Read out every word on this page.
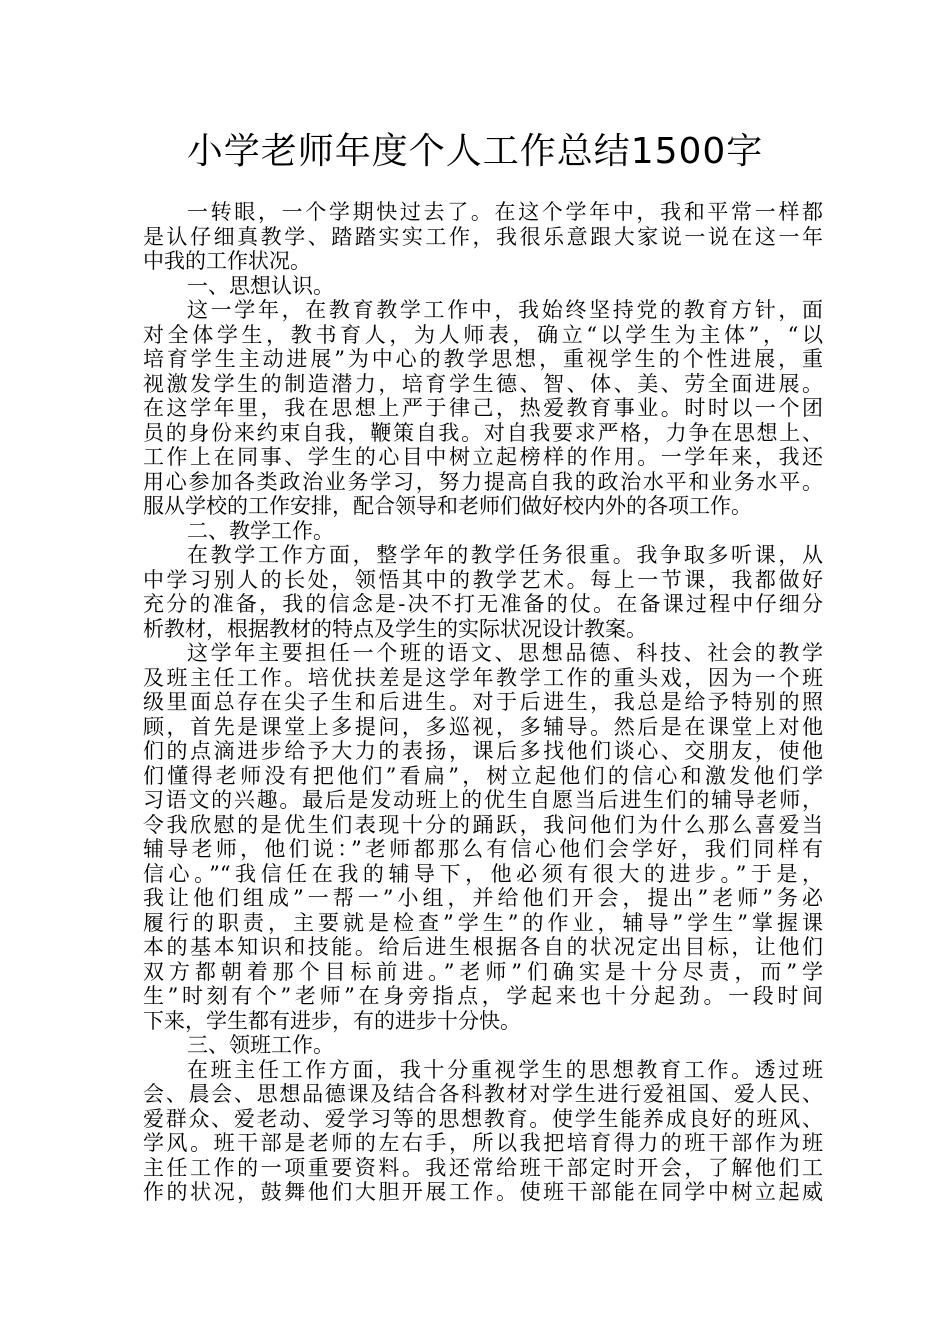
小学老师年度个人工作总结1500字
一转眼，一个学期快过去了。在这个学年中，我和平常一样都
是认仔细真教学、踏踏实实工作，我很乐意跟大家说一说在这一年
中我的工作状况。
一、思想认识。
这一学年，在教育教学工作中，我始终坚持党的教育方针，面
对全体学生，教书育人，为人师表，确立“以学生为主体”，“以
培育学生主动进展”为中心的教学思想，重视学生的个性进展，重
视激发学生的制造潜力，培育学生德、智、体、美、劳全面进展。
在这学年里，我在思想上严于律己，热爱教育事业。时时以一个团
员的身份来约束自我，鞭策自我。对自我要求严格，力争在思想上、
工作上在同事、学生的心目中树立起榜样的作用。一学年来，我还
用心参加各类政治业务学习，努力提高自我的政治水平和业务水平。
服从学校的工作安排，配合领导和老师们做好校内外的各项工作。
二、教学工作。
在教学工作方面，整学年的教学任务很重。我争取多听课，从
中学习别人的长处，领悟其中的教学艺术。每上一节课，我都做好
充分的准备，我的信念是-决不打无准备的仗。在备课过程中仔细分
析教材，根据教材的特点及学生的实际状况设计教案。
这学年主要担任一个班的语文、思想品德、科技、社会的教学
及班主任工作。培优扶差是这学年教学工作的重头戏，因为一个班
级里面总存在尖子生和后进生。对于后进生，我总是给予特别的照
顾，首先是课堂上多提问，多巡视，多辅导。然后是在课堂上对他
们的点滴进步给予大力的表扬，课后多找他们谈心、交朋友，使他
们懂得老师没有把他们”看扁”，树立起他们的信心和激发他们学
习语文的兴趣。最后是发动班上的优生自愿当后进生们的辅导老师，
令我欣慰的是优生们表现十分的踊跃，我问他们为什么那么喜爱当
辅导老师，他们说：”老师都那么有信心他们会学好，我们同样有
信心。”“我信任在我的辅导下，他必须有很大的进步。”于是，
我让他们组成”一帮一”小组，并给他们开会，提出”老师”务必
履行的职责，主要就是检查”学生”的作业，辅导”学生”掌握课
本的基本知识和技能。给后进生根据各自的状况定出目标，让他们
双方都朝着那个目标前进。”老师”们确实是十分尽责，而”学
生”时刻有个”老师”在身旁指点，学起来也十分起劲。一段时间
下来，学生都有进步，有的进步十分快。
三、领班工作。
在班主任工作方面，我十分重视学生的思想教育工作。透过班
会、晨会、思想品德课及结合各科教材对学生进行爱祖国、爱人民、
爱群众、爱老动、爱学习等的思想教育。使学生能养成良好的班风、
学风。班干部是老师的左右手，所以我把培育得力的班干部作为班
主任工作的一项重要资料。我还常给班干部定时开会，了解他们工
作的状况，鼓舞他们大胆开展工作。使班干部能在同学中树立起威
